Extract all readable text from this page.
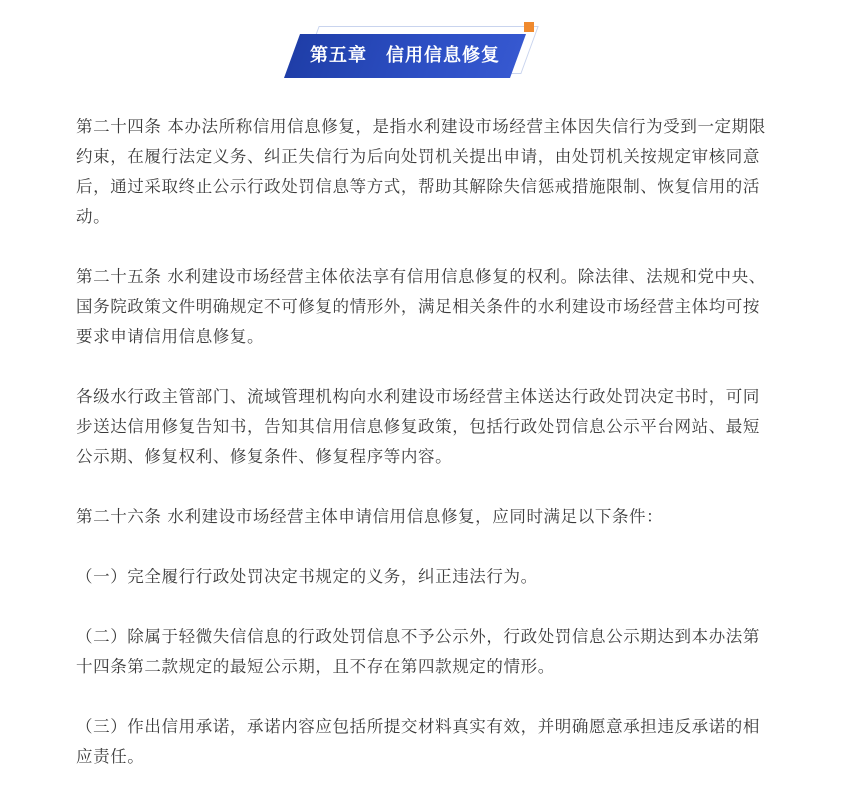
第五章　信用信息修复

第二十四条 本办法所称信用信息修复，是指水利建设市场经营主体因失信行为受到一定期限约束，在履行法定义务、纠正失信行为后向处罚机关提出申请，由处罚机关按规定审核同意后，通过采取终止公示行政处罚信息等方式，帮助其解除失信惩戒措施限制、恢复信用的活动。

第二十五条 水利建设市场经营主体依法享有信用信息修复的权利。除法律、法规和党中央、国务院政策文件明确规定不可修复的情形外，满足相关条件的水利建设市场经营主体均可按要求申请信用信息修复。

各级水行政主管部门、流域管理机构向水利建设市场经营主体送达行政处罚决定书时，可同步送达信用修复告知书，告知其信用信息修复政策，包括行政处罚信息公示平台网站、最短公示期、修复权利、修复条件、修复程序等内容。

第二十六条 水利建设市场经营主体申请信用信息修复，应同时满足以下条件：

（一）完全履行行政处罚决定书规定的义务，纠正违法行为。

（二）除属于轻微失信信息的行政处罚信息不予公示外，行政处罚信息公示期达到本办法第十四条第二款规定的最短公示期，且不存在第四款规定的情形。

（三）作出信用承诺，承诺内容应包括所提交材料真实有效，并明确愿意承担违反承诺的相应责任。
